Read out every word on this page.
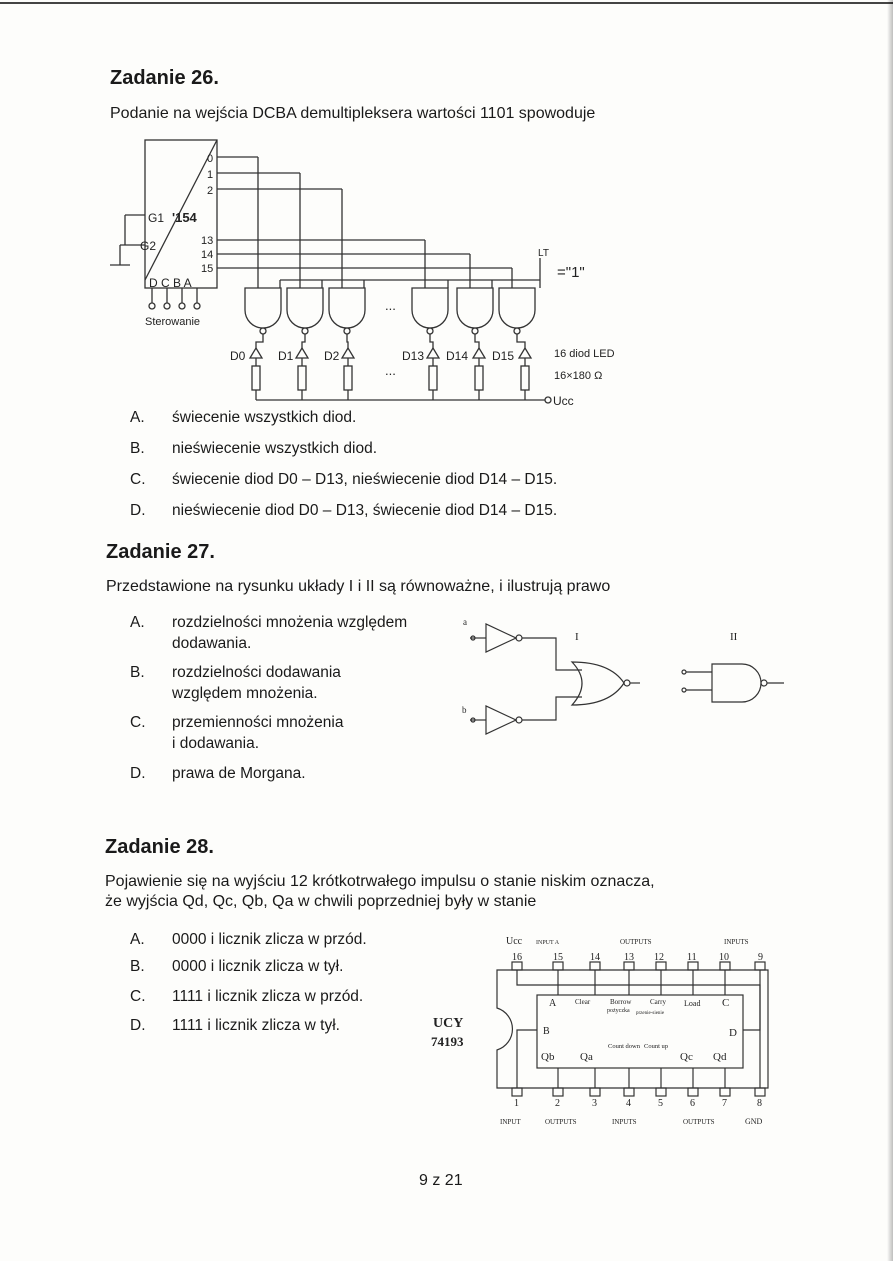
Zadanie 26.
Podanie na wejścia DCBA demultipleksera wartości 1101 spowoduje
0
1
2
13
14
15
G1 '154
G2
D C B A
Sterowanie
LT
="1"
...
...
D0	D1	D2	D13 D14 D15	16 diod LED
16×180 Ω
Ucc
A. świecenie wszystkich diod.
B. nieświecenie wszystkich diod.
C. świecenie diod D0 – D13, nieświecenie diod D14 – D15.
D. nieświecenie diod D0 – D13, świecenie diod D14 – D15.
Zadanie 27.
Przedstawione na rysunku układy I i II są równoważne, i ilustrują prawo
A. rozdzielności mnożenia względem
dodawania.
B. rozdzielności dodawania
względem mnożenia.
C. przemienności mnożenia
i dodawania.
D. prawa de Morgana.
a
b
I	II
Zadanie 28.
Pojawienie się na wyjściu 12 krótkotrwałego impulsu o stanie niskim oznacza,
że wyjścia Qd, Qc, Qb, Qa w chwili poprzedniej były w stanie
A. 0000 i licznik zlicza w przód.
B. 0000 i licznik zlicza w tył.
C. 1111 i licznik zlicza w przód.
D. 1111 i licznik zlicza w tył.
Ucc INPUT A	OUTPUTS	INPUTS
16	15	14 13 12 11 10	9
1	2	3	4	5	6	7	8
INPUT	OUTPUTS	INPUTS	OUTPUTS	GND
UCY
74193
A	Clear	Borrow
pożyczka
Carry
przenie-sienie
Load C
B	D
Qb Qa
Count down Count up
Qc Qd
9 z 21
